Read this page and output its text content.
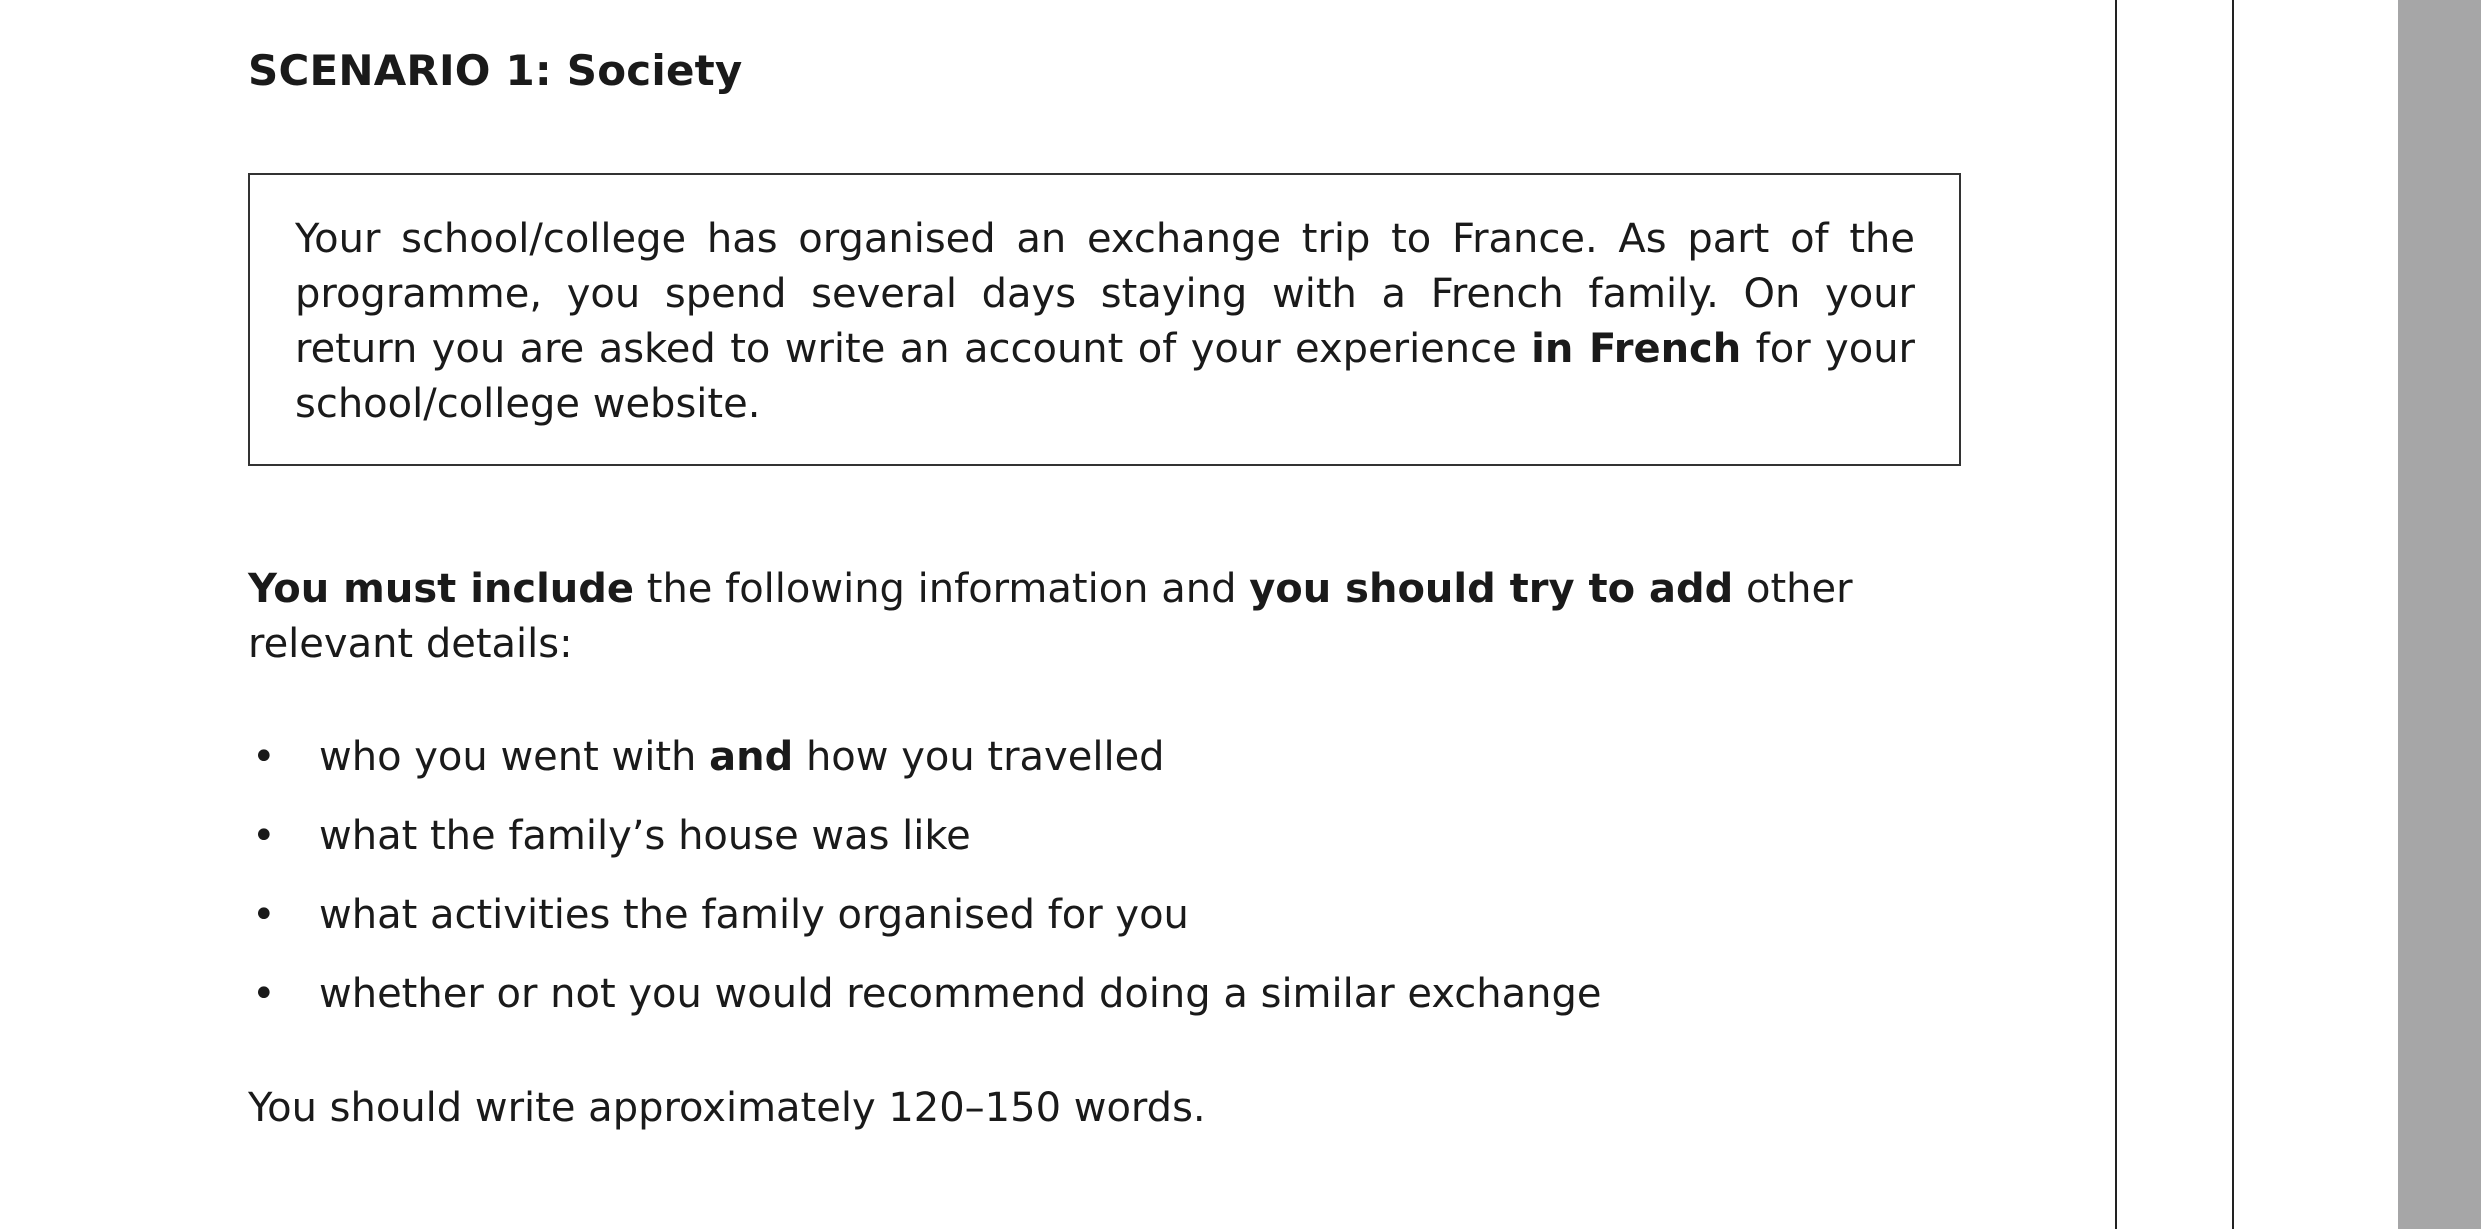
SCENARIO 1: Society

Your school/college has organised an exchange trip to France. As part of the programme, you spend several days staying with a French family. On your return you are asked to write an account of your experience in French for your school/college website.

You must include the following information and you should try to add other relevant details:

• who you went with and how you travelled
• what the family’s house was like
• what activities the family organised for you
• whether or not you would recommend doing a similar exchange

You should write approximately 120–150 words.
